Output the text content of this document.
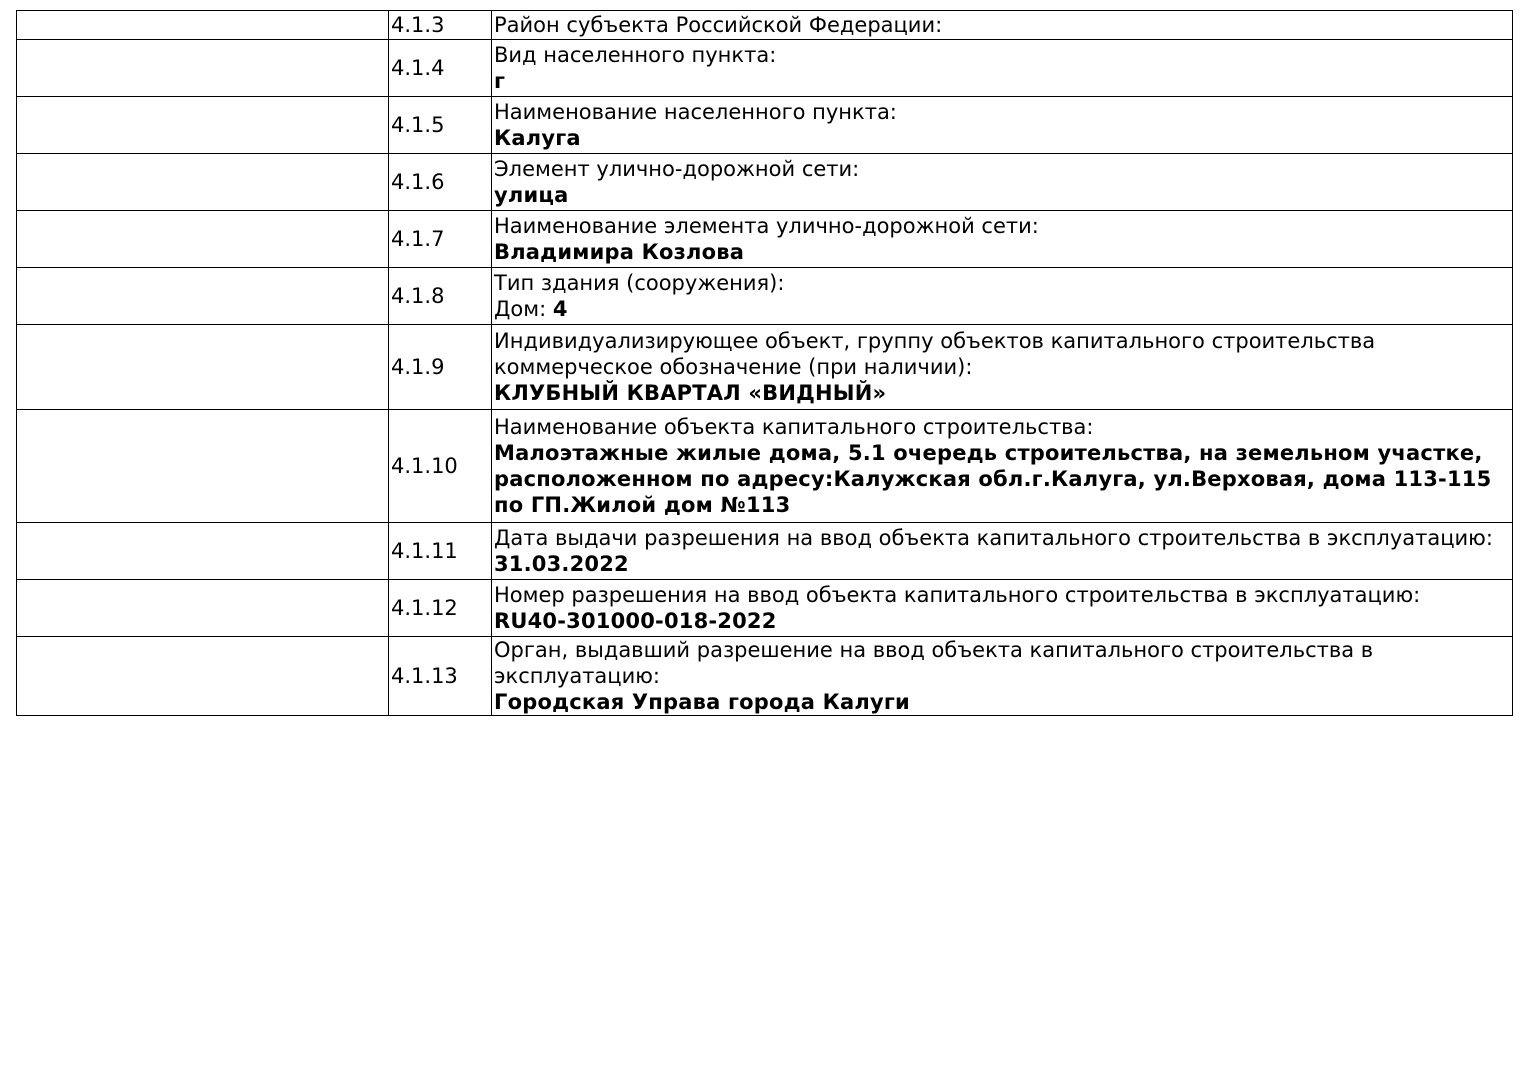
	4.1.3	Район субъекта Российской Федерации:

	4.1.4	Вид населенного пункта:
г

	4.1.5	Наименование населенного пункта:
Калуга

	4.1.6	Элемент улично-дорожной сети:
улица

	4.1.7	Наименование элемента улично-дорожной сети:
Владимира Козлова

	4.1.8	Тип здания (сооружения):
Дом: 4

	4.1.9	Индивидуализирующее объект, группу объектов капитального строительства коммерческое обозначение (при наличии):
КЛУБНЫЙ КВАРТАЛ «ВИДНЫЙ»

	4.1.10	Наименование объекта капитального строительства:
Малоэтажные жилые дома, 5.1 очередь строительства, на земельном участке, расположенном по адресу:Калужская обл.г.Калуга, ул.Верховая, дома 113-115 по ГП.Жилой дом №113

	4.1.11	Дата выдачи разрешения на ввод объекта капитального строительства в эксплуатацию:
31.03.2022

	4.1.12	Номер разрешения на ввод объекта капитального строительства в эксплуатацию:
RU40-301000-018-2022

	4.1.13	Орган, выдавший разрешение на ввод объекта капитального строительства в эксплуатацию:
Городская Управа города Калуги
